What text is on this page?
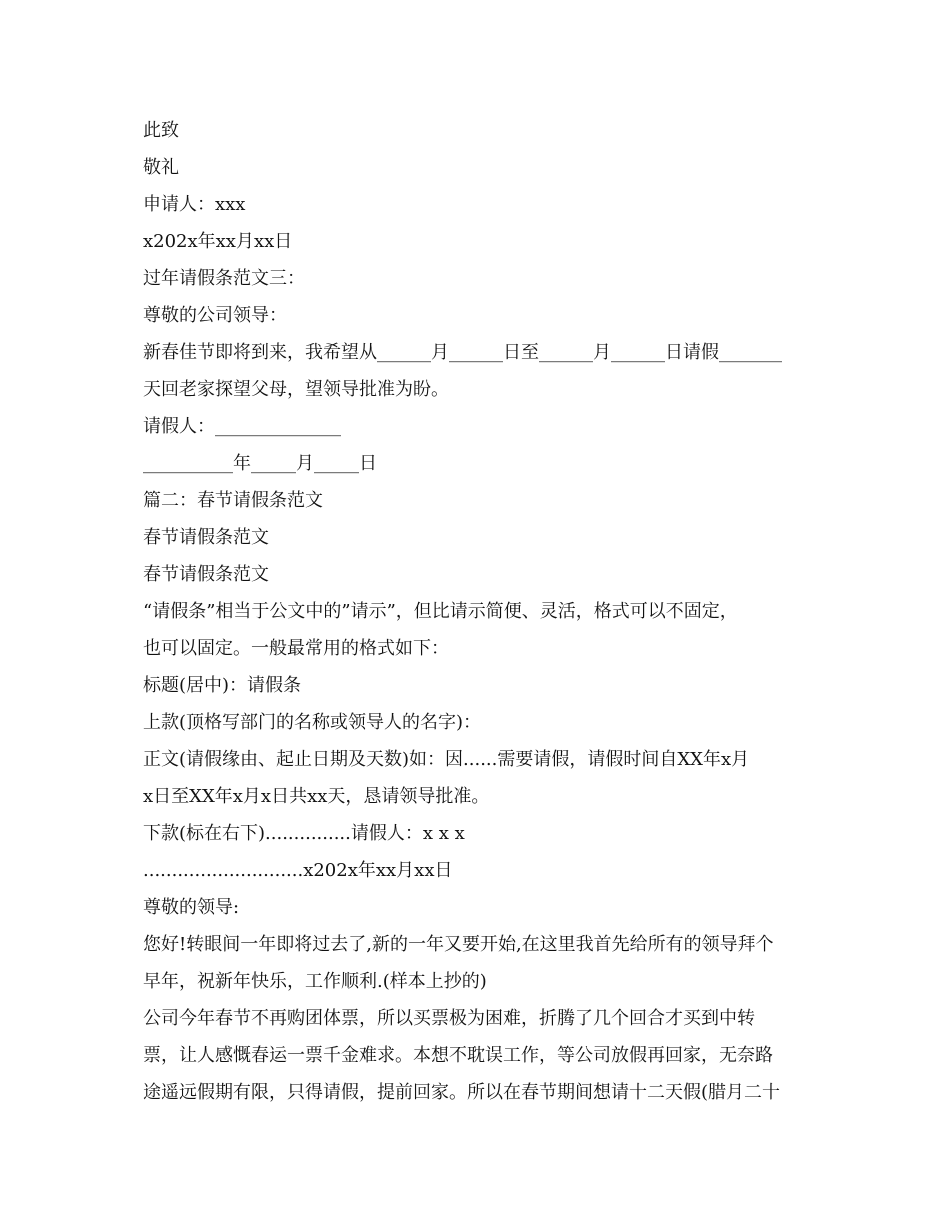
此致
敬礼
申请人：xxx
x202x年xx月xx日
过年请假条范文三：
尊敬的公司领导：
新春佳节即将到来，我希望从______月______日至______月______日请假_______
天回老家探望父母，望领导批准为盼。
请假人：______________
__________年_____月_____日
篇二：春节请假条范文
春节请假条范文
春节请假条范文
“请假条”相当于公文中的”请示”，但比请示简便、灵活，格式可以不固定，
也可以固定。一般最常用的格式如下：
标题(居中)：请假条
上款(顶格写部门的名称或领导人的名字)：
正文(请假缘由、起止日期及天数)如：因......需要请假，请假时间自XX年x月
x日至XX年x月x日共xx天，恳请领导批准。
下款(标在右下)...............请假人：x x x
............................x202x年xx月xx日
尊敬的领导:
您好!转眼间一年即将过去了,新的一年又要开始,在这里我首先给所有的领导拜个
早年，祝新年快乐，工作顺利.(样本上抄的)
公司今年春节不再购团体票，所以买票极为困难，折腾了几个回合才买到中转
票，让人感慨春运一票千金难求。本想不耽误工作，等公司放假再回家，无奈路
途遥远假期有限，只得请假，提前回家。所以在春节期间想请十二天假(腊月二十
